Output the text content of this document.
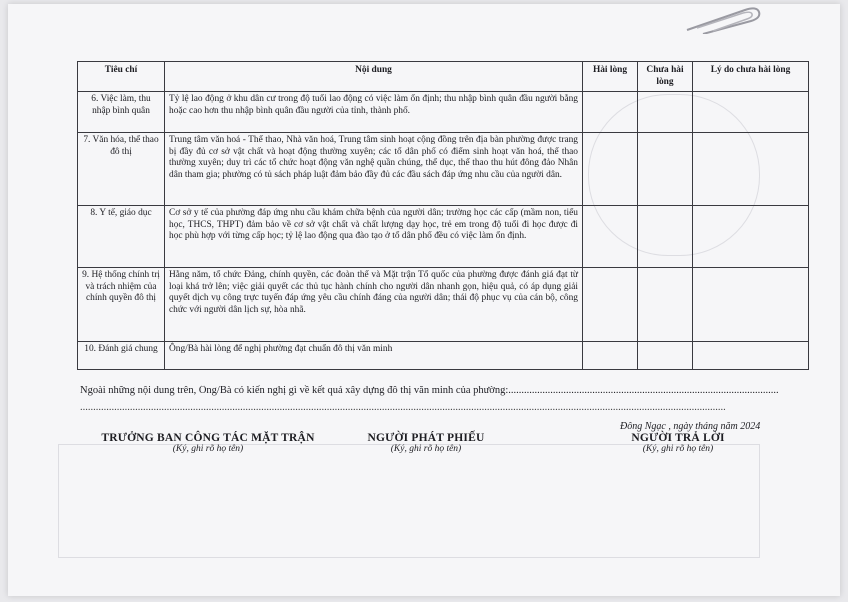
Tiêu chí	Nội dung	Hài lòng	Chưa hài lòng	Lý do chưa hài lòng
6. Việc làm, thu nhập bình quân	Tỷ lệ lao động ở khu dân cư trong độ tuổi lao động có việc làm ổn định; thu nhập bình quân đầu người bằng hoặc cao hơn thu nhập bình quân đầu người của tỉnh, thành phố.			
7. Văn hóa, thể thao đô thị	Trung tâm văn hoá - Thể thao, Nhà văn hoá, Trung tâm sinh hoạt cộng đồng trên địa bàn phường được trang bị đầy đủ cơ sở vật chất và hoạt động thường xuyên; các tổ dân phố có điểm sinh hoạt văn hoá, thể thao thường xuyên; duy trì các tổ chức hoạt động văn nghệ quần chúng, thể dục, thể thao thu hút đông đảo Nhân dân tham gia; phường có tủ sách pháp luật đảm bảo đầy đủ các đầu sách đáp ứng nhu cầu của người dân.			
8. Y tế, giáo dục	Cơ sở y tế của phường đáp ứng nhu cầu khám chữa bệnh của người dân; trường học các cấp (mầm non, tiểu học, THCS, THPT) đảm bảo về cơ sở vật chất và chất lượng dạy học, trẻ em trong độ tuổi đi học được đi học phù hợp với từng cấp học; tỷ lệ lao động qua đào tạo ở tổ dân phố đều có việc làm ổn định.			
9. Hệ thống chính trị và trách nhiệm của chính quyền đô thị	Hằng năm, tổ chức Đảng, chính quyền, các đoàn thể và Mặt trận Tổ quốc của phường được đánh giá đạt từ loại khá trở lên; việc giải quyết các thủ tục hành chính cho người dân nhanh gọn, hiệu quả, có áp dụng giải quyết dịch vụ công trực tuyến đáp ứng yêu cầu chính đáng của người dân; thái độ phục vụ của cán bộ, công chức với người dân lịch sự, hòa nhã.			
10. Đánh giá chung	Ông/Bà hài lòng để nghị phường đạt chuẩn đô thị văn minh			
Ngoài những nội dung trên, Ông/Bà có kiến nghị gì về kết quả xây dựng đô thị văn minh của phường:.......................................................................................................
......................................................................................................................................................................................................................................................
Đông Ngạc , ngày tháng năm 2024
TRƯỞNG BAN CÔNG TÁC MẶT TRẬN
(Ký, ghi rõ họ tên)
NGƯỜI PHÁT PHIẾU
(Ký, ghi rõ họ tên)
NGƯỜI TRẢ LỜI
(Ký, ghi rõ họ tên)
